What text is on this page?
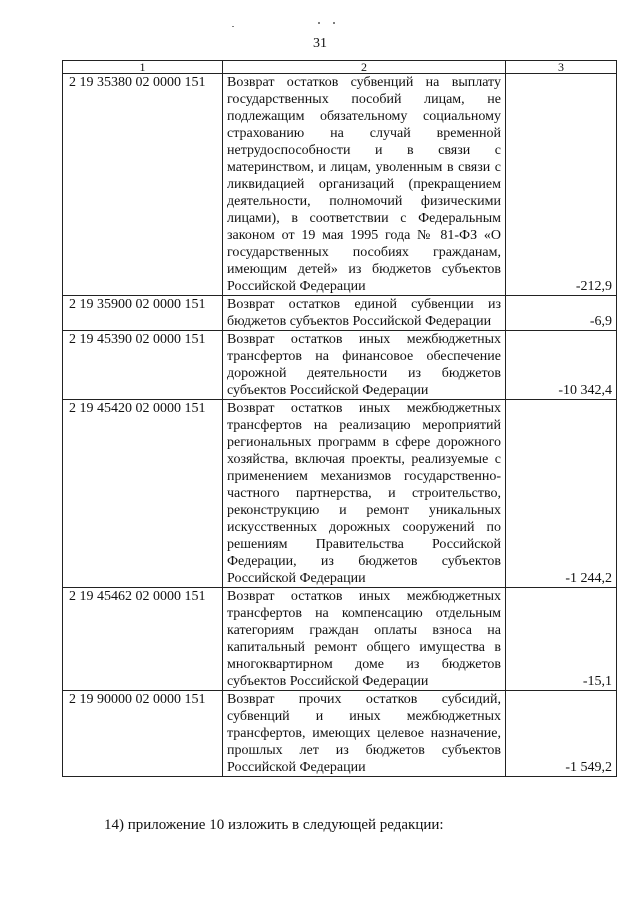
31
1	2	3
2 19 35380 02 0000 151	Возврат остатков субвенций на выплату государственных пособий лицам, не подлежащим обязательному социальному страхованию на случай временной нетрудоспособности и в связи с материнством, и лицам, уволенным в связи с ликвидацией организаций (прекращением деятельности, полномочий физическими лицами), в соответствии с Федеральным законом от 19 мая 1995 года № 81-ФЗ «О государственных пособиях гражданам, имеющим детей» из бюджетов субъектов Российской Федерации	-212,9
2 19 35900 02 0000 151	Возврат остатков единой субвенции из бюджетов субъектов Российской Федерации	-6,9
2 19 45390 02 0000 151	Возврат остатков иных межбюджетных трансфертов на финансовое обеспечение дорожной деятельности из бюджетов субъектов Российской Федерации	-10 342,4
2 19 45420 02 0000 151	Возврат остатков иных межбюджетных трансфертов на реализацию мероприятий региональных программ в сфере дорожного хозяйства, включая проекты, реализуемые с применением механизмов государственно-частного партнерства, и строительство, реконструкцию и ремонт уникальных искусственных дорожных сооружений по решениям Правительства Российской Федерации, из бюджетов субъектов Российской Федерации	-1 244,2
2 19 45462 02 0000 151	Возврат остатков иных межбюджетных трансфертов на компенсацию отдельным категориям граждан оплаты взноса на капитальный ремонт общего имущества в многоквартирном доме из бюджетов субъектов Российской Федерации	-15,1
2 19 90000 02 0000 151	Возврат прочих остатков субсидий, субвенций и иных межбюджетных трансфертов, имеющих целевое назначение, прошлых лет из бюджетов субъектов Российской Федерации	-1 549,2
14) приложение 10 изложить в следующей редакции:
